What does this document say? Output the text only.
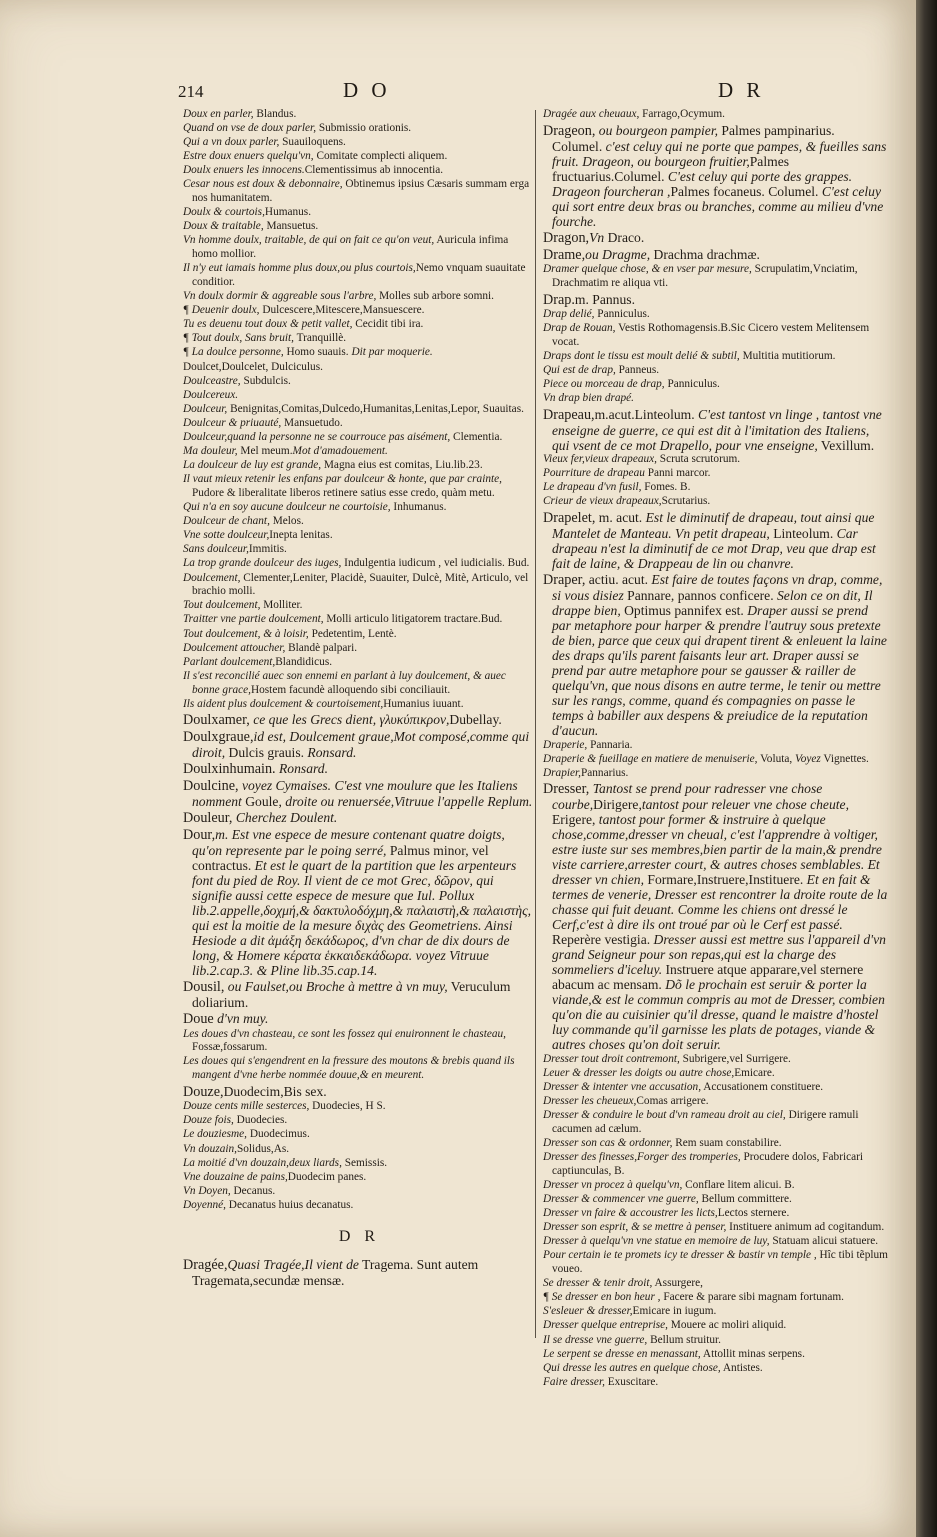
214	D O	D R
Doux en parler, Blandus.
Quand on vse de doux parler, Submissio orationis.
Qui a vn doux parler, Suauiloquens.
Estre doux enuers quelqu'vn, Comitate complecti aliquem.
Doulx enuers les innocens.Clementissimus ab innocentia.
Cesar nous est doux & debonnaire, Obtinemus ipsius Cæsaris summam erga nos humanitatem.
Doulx & courtois,Humanus.
Doux & traitable, Mansuetus.
Vn homme doulx, traitable, de qui on fait ce qu'on veut, Auricula infima homo mollior.
Il n'y eut iamais homme plus doux,ou plus courtois,Nemo vnquam suauitate conditior.
Vn doulx dormir & aggreable sous l'arbre, Molles sub arbore somni.
¶ Deuenir doulx, Dulcescere,Mitescere,Mansuescere.
Tu es deuenu tout doux & petit vallet, Cecidit tibi ira.
¶ Tout doulx, Sans bruit, Tranquillè.
¶ La doulce personne, Homo suauis. Dit par moquerie.
Doulcet,Doulcelet, Dulciculus.
Doulceastre, Subdulcis.
Doulcereux.
Doulceur, Benignitas,Comitas,Dulcedo,Humanitas,Lenitas,Lepor, Suauitas.
Doulceur & priuauté, Mansuetudo.
Doulceur,quand la personne ne se courrouce pas aisément, Clementia.
Ma douleur, Mel meum.Mot d'amadouement.
La doulceur de luy est grande, Magna eius est comitas, Liu.lib.23.
Il vaut mieux retenir les enfans par doulceur & honte, que par crainte, Pudore & liberalitate liberos retinere satius esse credo, quàm metu.
Qui n'a en soy aucune doulceur ne courtoisie, Inhumanus.
Doulceur de chant, Melos.
Vne sotte doulceur,Inepta lenitas.
Sans doulceur,Immitis.
La trop grande doulceur des iuges, Indulgentia iudicum , vel iudicialis. Bud.
Doulcement, Clementer,Leniter, Placidè, Suauiter, Dulcè, Mitè, Articulo, vel brachio molli.
Tout doulcement, Molliter.
Traitter vne partie doulcement, Molli articulo litigatorem tractare.Bud.
Tout doulcement, & à loisir, Pedetentim, Lentè.
Doulcement attoucher, Blandè palpari.
Parlant doulcement,Blandidicus.
Il s'est reconcilié auec son ennemi en parlant à luy doulcement, & auec bonne grace,Hostem facundè alloquendo sibi conciliauit.
Ils aident plus doulcement & courtoisement,Humanius iuuant.
Doulxamer, ce que les Grecs dient, γλυκύπικρον,Dubellay.
Doulxgraue,id est, Doulcement graue,Mot composé,comme qui diroit, Dulcis grauis. Ronsard.
Doulxinhumain. Ronsard.
Doulcine, voyez Cymaises. C'est vne moulure que les Italiens nomment Goule, droite ou renuersée,Vitruue l'appelle Replum.
Douleur, Cherchez Doulent.
Dour,m. Est vne espece de mesure contenant quatre doigts, qu'on represente par le poing serré, Palmus minor, vel contractus. Et est le quart de la partition que les arpenteurs font du pied de Roy. Il vient de ce mot Grec, δῶρον, qui signifie aussi cette espece de mesure que Iul. Pollux lib.2.appelle,δοχμή,& δακτυλοδόχμη,& παλαιστὴ,& παλαιστὴς, qui est la moitie de la mesure διχὰς des Geometriens. Ainsi Hesiode a dit ἀμάξη δεκάδωρος, d'vn char de dix dours de long, & Homere κέρατα ἑκκαιδεκάδωρα. voyez Vitruue lib.2.cap.3. & Pline lib.35.cap.14.
Dousil, ou Faulset,ou Broche à mettre à vn muy, Veruculum doliarium.
Doue d'vn muy.
Les doues d'vn chasteau, ce sont les fossez qui enuironnent le chasteau, Fossæ,fossarum.
Les doues qui s'engendrent en la fressure des moutons & brebis quand ils mangent d'vne herbe nommée douue,& en meurent.
Douze,Duodecim,Bis sex.
Douze cents mille sesterces, Duodecies, H S.
Douze fois, Duodecies.
Le douziesme, Duodecimus.
Vn douzain,Solidus,As.
La moitié d'vn douzain,deux liards, Semissis.
Vne douzaine de pains,Duodecim panes.
Vn Doyen, Decanus.
Doyenné, Decanatus huius decanatus.
D R
Dragée,Quasi Tragée,Il vient de Tragema. Sunt autem Tragemata,secundæ mensæ.
Dragée aux cheuaux, Farrago,Ocymum.
Dragеon, ou bourgeon pampier, Palmes pampinarius. Columel. c'est celuy qui ne porte que pampes, & fueilles sans fruit. Dragеon, ou bourgeon fruitier,Palmes fructuarius.Columel. C'est celuy qui porte des grappes. Dragеon fourcheran ,Palmes focaneus. Columel. C'est celuy qui sort entre deux bras ou branches, comme au milieu d'vne fourche.
Dragon,Vn Draco.
Drame,ou Dragme, Drachma drachmæ.
Dramer quelque chose, & en vser par mesure, Scrupulatim,Vnciatim, Drachmatim re aliqua vti.
Drap.m. Pannus.
Drap delié, Panniculus.
Drap de Rouan, Vestis Rothomagensis.B.Sic Cicero vestem Melitensem vocat.
Draps dont le tissu est moult delié & subtil, Multitia mutitiorum.
Qui est de drap, Panneus.
Piece ou morceau de drap, Panniculus.
Vn drap bien drapé.
Drapeau,m.acut.Linteolum. C'est tantost vn linge , tantost vne enseigne de guerre, ce qui est dit à l'imitation des Italiens, qui vsent de ce mot Drapello, pour vne enseigne, Vexillum.
Vieux fer,vieux drapeaux, Scruta scrutorum.
Pourriture de drapeau Panni marcor.
Le drapeau d'vn fusil, Fomes. B.
Crieur de vieux drapeaux,Scrutarius.
Drapelet, m. acut. Est le diminutif de drapeau, tout ainsi que Mantelet de Manteau. Vn petit drapeau, Linteolum. Car drapeau n'est la diminutif de ce mot Drap, veu que drap est fait de laine, & Drappeau de lin ou chanvre.
Draper, actiu. acut. Est faire de toutes façons vn drap, comme, si vous disiez Pannare, pannos conficere. Selon ce on dit, Il drappe bien, Optimus pannifex est. Draper aussi se prend par metaphore pour harper & prendre l'autruy sous pretexte de bien, parce que ceux qui drapent tirent & enleuent la laine des draps qu'ils parent faisants leur art. Draper aussi se prend par autre metaphore pour se gausser & railler de quelqu'vn, que nous disons en autre terme, le tenir ou mettre sur les rangs, comme, quand és compagnies on passe le temps à babiller aux despens & preiudice de la reputation d'aucun.
Draperie, Pannaria.
Draperie & fueillage en matiere de menuiserie, Voluta, Voyez Vignettes.
Drapier,Pannarius.
Dresser, Tantost se prend pour radresser vne chose courbe,Dirigere,tantost pour releuer vne chose cheute, Erigere, tantost pour former & instruire à quelque chose,comme,dresser vn cheual, c'est l'apprendre à voltiger, estre iuste sur ses membres,bien partir de la main,& prendre viste carriere,arrester court, & autres choses semblables. Et dresser vn chien, Formare,Instruere,Instituere. Et en fait & termes de venerie, Dresser est rencontrer la droite route de la chasse qui fuit deuant. Comme les chiens ont dressé le Cerf,c'est à dire ils ont troué par où le Cerf est passé. Reperère vestigia. Dresser aussi est mettre sus l'appareil d'vn grand Seigneur pour son repas,qui est la charge des sommeliers d'iceluy. Instruere atque apparare,vel sternere abacum ac mensam. Dõ le prochain est seruir & porter la viande,& est le commun compris au mot de Dresser, combien qu'on die au cuisinier qu'il dresse, quand le maistre d'hostel luy commande qu'il garnisse les plats de potages, viande & autres choses qu'on doit seruir.
Dresser tout droit contremont, Subrigere,vel Surrigere.
Leuer & dresser les doigts ou autre chose,Emicare.
Dresser & intenter vne accusation, Accusationem constituere.
Dresser les cheueux,Comas arrigere.
Dresser & conduire le bout d'vn rameau droit au ciel, Dirigere ramuli cacumen ad cælum.
Dresser son cas & ordonner, Rem suam constabilire.
Dresser des finesses,Forger des tromperies, Procudere dolos, Fabricari captiunculas, B.
Dresser vn procez à quelqu'vn, Conflare litem alicui. B.
Dresser & commencer vne guerre, Bellum committere.
Dresser vn faire & accoustrer les licts,Lectos sternere.
Dresser son esprit, & se mettre à penser, Instituere animum ad cogitandum.
Dresser à quelqu'vn vne statue en memoire de luy, Statuam alicui statuere.
Pour certain ie te promets icy te dresser & bastir vn temple , Hîc tibi tẽplum voueo.
Se dresser & tenir droit, Assurgere,
¶ Se dresser en bon heur , Facere & parare sibi magnam fortunam.
S'esleuer & dresser,Emicare in iugum.
Dresser quelque entreprise, Mouere ac moliri aliquid.
Il se dresse vne guerre, Bellum struitur.
Le serpent se dresse en menassant, Attollit minas serpens.
Qui dresse les autres en quelque chose, Antistes.
Faire dresser, Exuscitare.
